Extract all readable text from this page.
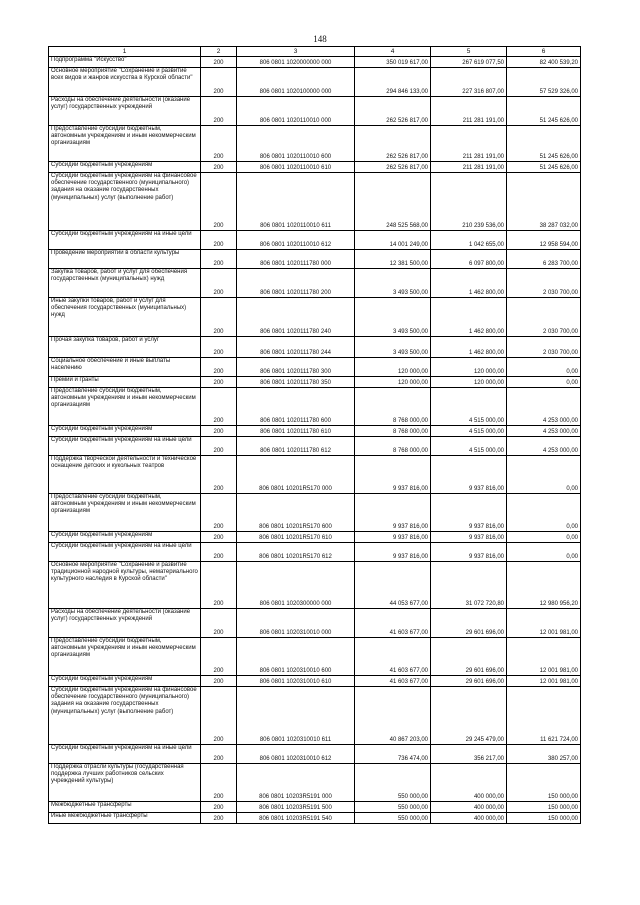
148
1	2	3	4	5	6
Подпрограмма "Искусство"	200	806 0801 1020000000 000	350 019 617,00	267 619 077,50	82 400 539,20
Основное мероприятие "Сохранение и развитие всех видов и жанров искусства в Курской области"	200	806 0801 1020100000 000	294 846 133,00	227 316 807,00	57 529 326,00
Расходы на обеспечение деятельности (оказание услуг) государственных учреждений	200	806 0801 1020110010 000	262 526 817,00	211 281 191,00	51 245 626,00
Предоставление субсидий бюджетным, автономным учреждениям и иным некоммерческим организациям	200	806 0801 1020110010 600	262 526 817,00	211 281 191,00	51 245 626,00
Субсидии бюджетным учреждениям	200	806 0801 1020110010 610	262 526 817,00	211 281 191,00	51 245 626,00
Субсидии бюджетным учреждениям на финансовое обеспечение государственного (муниципального) задания на оказание государственных (муниципальных) услуг (выполнение работ)	200	806 0801 1020110010 611	248 525 568,00	210 239 536,00	38 287 032,00
Субсидии бюджетным учреждениям на иные цели	200	806 0801 1020110010 612	14 001 249,00	1 042 655,00	12 958 594,00
Проведение мероприятий в области культуры	200	806 0801 1020111780 000	12 381 500,00	6 097 800,00	6 283 700,00
Закупка товаров, работ и услуг для обеспечения государственных (муниципальных) нужд	200	806 0801 1020111780 200	3 493 500,00	1 462 800,00	2 030 700,00
Иные закупки товаров, работ и услуг для обеспечения государственных (муниципальных) нужд	200	806 0801 1020111780 240	3 493 500,00	1 462 800,00	2 030 700,00
Прочая закупка товаров, работ и услуг	200	806 0801 1020111780 244	3 493 500,00	1 462 800,00	2 030 700,00
Социальное обеспечение и иные выплаты населению	200	806 0801 1020111780 300	120 000,00	120 000,00	0,00
Премии и гранты	200	806 0801 1020111780 350	120 000,00	120 000,00	0,00
Предоставление субсидий бюджетным, автономным учреждениям и иным некоммерческим организациям	200	806 0801 1020111780 600	8 768 000,00	4 515 000,00	4 253 000,00
Субсидии бюджетным учреждениям	200	806 0801 1020111780 610	8 768 000,00	4 515 000,00	4 253 000,00
Субсидии бюджетным учреждениям на иные цели	200	806 0801 1020111780 612	8 768 000,00	4 515 000,00	4 253 000,00
Поддержка творческой деятельности и техническое оснащение детских и кукольных театров	200	806 0801 10201R5170 000	9 937 816,00	9 937 816,00	0,00
Предоставление субсидий бюджетным, автономным учреждениям и иным некоммерческим организациям	200	806 0801 10201R5170 600	9 937 816,00	9 937 816,00	0,00
Субсидии бюджетным учреждениям	200	806 0801 10201R5170 610	9 937 816,00	9 937 816,00	0,00
Субсидии бюджетным учреждениям на иные цели	200	806 0801 10201R5170 612	9 937 816,00	9 937 816,00	0,00
Основное мероприятие "Сохранение и развитие традиционной народной культуры, нематериального культурного наследия в Курской области"	200	806 0801 1020300000 000	44 053 677,00	31 072 720,80	12 980 956,20
Расходы на обеспечение деятельности (оказание услуг) государственных учреждений	200	806 0801 1020310010 000	41 603 677,00	29 601 696,00	12 001 981,00
Предоставление субсидий бюджетным, автономным учреждениям и иным некоммерческим организациям	200	806 0801 1020310010 600	41 603 677,00	29 601 696,00	12 001 981,00
Субсидии бюджетным учреждениям	200	806 0801 1020310010 610	41 603 677,00	29 601 696,00	12 001 981,00
Субсидии бюджетным учреждениям на финансовое обеспечение государственного (муниципального) задания на оказание государственных (муниципальных) услуг (выполнение работ)	200	806 0801 1020310010 611	40 867 203,00	29 245 479,00	11 621 724,00
Субсидии бюджетным учреждениям на иные цели	200	806 0801 1020310010 612	736 474,00	356 217,00	380 257,00
Поддержка отрасли культуры (государственная поддержка лучших работников сельских учреждений культуры)	200	806 0801 10203R5191 000	550 000,00	400 000,00	150 000,00
Межбюджетные трансферты	200	806 0801 10203R5191 500	550 000,00	400 000,00	150 000,00
Иные межбюджетные трансферты	200	806 0801 10203R5191 540	550 000,00	400 000,00	150 000,00
